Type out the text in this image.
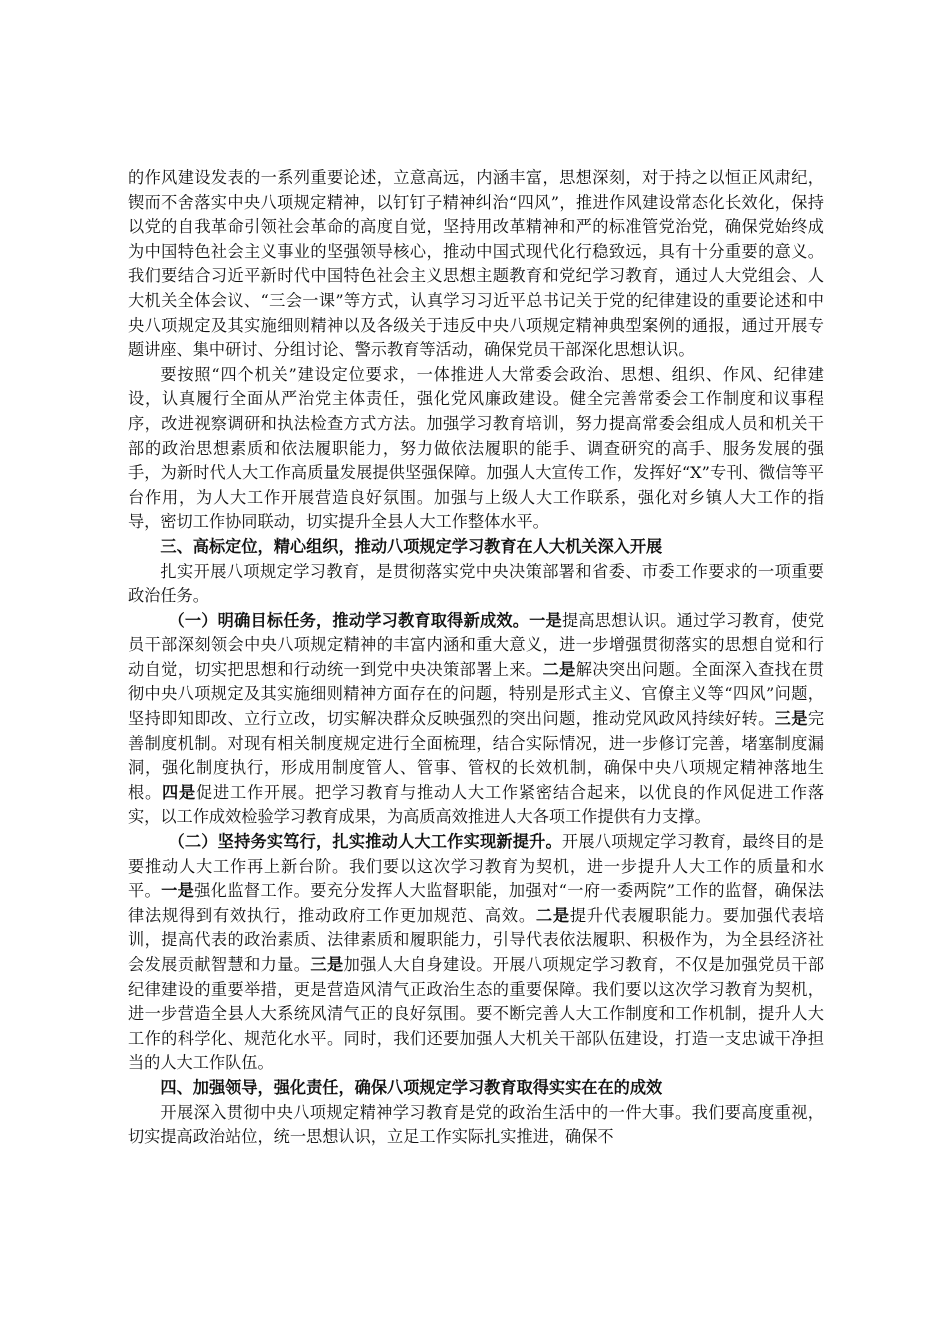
的作风建设发表的一系列重要论述，立意高远，内涵丰富，思想深刻，对于持之以恒正风肃纪，锲而不舍落实中央八项规定精神，以钉钉子精神纠治“四风”，推进作风建设常态化长效化，保持以党的自我革命引领社会革命的高度自觉，坚持用改革精神和严的标准管党治党，确保党始终成为中国特色社会主义事业的坚强领导核心，推动中国式现代化行稳致远，具有十分重要的意义。我们要结合习近平新时代中国特色社会主义思想主题教育和党纪学习教育，通过人大党组会、人大机关全体会议、“三会一课”等方式，认真学习习近平总书记关于党的纪律建设的重要论述和中央八项规定及其实施细则精神以及各级关于违反中央八项规定精神典型案例的通报，通过开展专题讲座、集中研讨、分组讨论、警示教育等活动，确保党员干部深化思想认识。

要按照“四个机关”建设定位要求，一体推进人大常委会政治、思想、组织、作风、纪律建设，认真履行全面从严治党主体责任，强化党风廉政建设。健全完善常委会工作制度和议事程序，改进视察调研和执法检查方式方法。加强学习教育培训，努力提高常委会组成人员和机关干部的政治思想素质和依法履职能力，努力做依法履职的能手、调查研究的高手、服务发展的强手，为新时代人大工作高质量发展提供坚强保障。加强人大宣传工作，发挥好“X”专刊、微信等平台作用，为人大工作开展营造良好氛围。加强与上级人大工作联系，强化对乡镇人大工作的指导，密切工作协同联动，切实提升全县人大工作整体水平。

三、高标定位，精心组织，推动八项规定学习教育在人大机关深入开展

扎实开展八项规定学习教育，是贯彻落实党中央决策部署和省委、市委工作要求的一项重要政治任务。

（一）明确目标任务，推动学习教育取得新成效。一是提高思想认识。通过学习教育，使党员干部深刻领会中央八项规定精神的丰富内涵和重大意义，进一步增强贯彻落实的思想自觉和行动自觉，切实把思想和行动统一到党中央决策部署上来。二是解决突出问题。全面深入查找在贯彻中央八项规定及其实施细则精神方面存在的问题，特别是形式主义、官僚主义等“四风”问题，坚持即知即改、立行立改，切实解决群众反映强烈的突出问题，推动党风政风持续好转。三是完善制度机制。对现有相关制度规定进行全面梳理，结合实际情况，进一步修订完善，堵塞制度漏洞，强化制度执行，形成用制度管人、管事、管权的长效机制，确保中央八项规定精神落地生根。四是促进工作开展。把学习教育与推动人大工作紧密结合起来，以优良的作风促进工作落实，以工作成效检验学习教育成果，为高质高效推进人大各项工作提供有力支撑。

（二）坚持务实笃行，扎实推动人大工作实现新提升。开展八项规定学习教育，最终目的是要推动人大工作再上新台阶。我们要以这次学习教育为契机，进一步提升人大工作的质量和水平。一是强化监督工作。要充分发挥人大监督职能，加强对“一府一委两院”工作的监督，确保法律法规得到有效执行，推动政府工作更加规范、高效。二是提升代表履职能力。要加强代表培训，提高代表的政治素质、法律素质和履职能力，引导代表依法履职、积极作为，为全县经济社会发展贡献智慧和力量。三是加强人大自身建设。开展八项规定学习教育，不仅是加强党员干部纪律建设的重要举措，更是营造风清气正政治生态的重要保障。我们要以这次学习教育为契机，进一步营造全县人大系统风清气正的良好氛围。要不断完善人大工作制度和工作机制，提升人大工作的科学化、规范化水平。同时，我们还要加强人大机关干部队伍建设，打造一支忠诚干净担当的人大工作队伍。

四、加强领导，强化责任，确保八项规定学习教育取得实实在在的成效

开展深入贯彻中央八项规定精神学习教育是党的政治生活中的一件大事。我们要高度重视，切实提高政治站位，统一思想认识，立足工作实际扎实推进，确保不
